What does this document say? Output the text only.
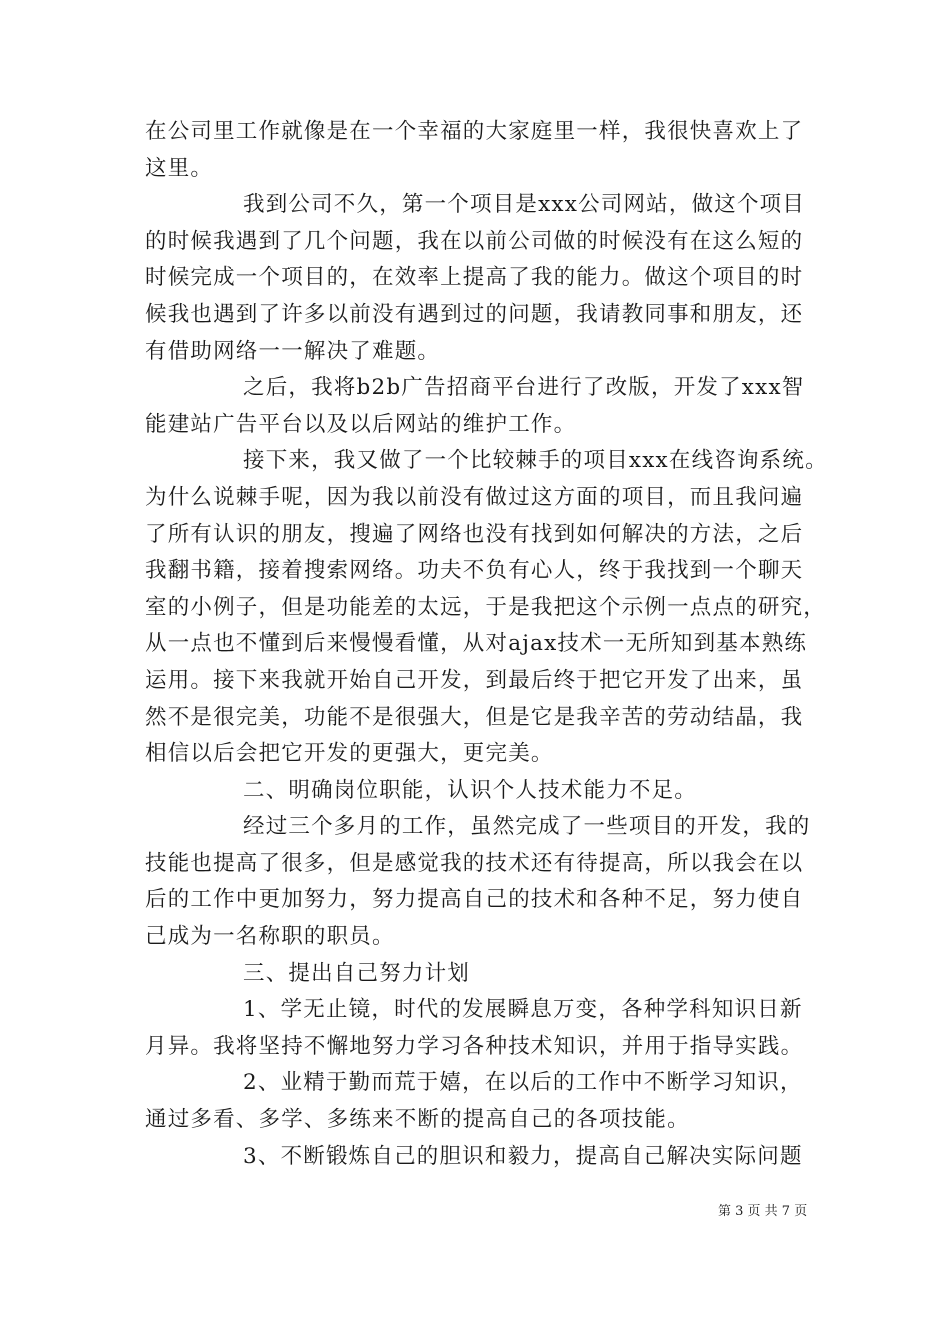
在公司里工作就像是在一个幸福的大家庭里一样，我很快喜欢上了
这里。
我到公司不久，第一个项目是xxx公司网站，做这个项目
的时候我遇到了几个问题，我在以前公司做的时候没有在这么短的
时候完成一个项目的，在效率上提高了我的能力。做这个项目的时
候我也遇到了许多以前没有遇到过的问题，我请教同事和朋友，还
有借助网络一一解决了难题。
之后，我将b2b广告招商平台进行了改版，开发了xxx智
能建站广告平台以及以后网站的维护工作。
接下来，我又做了一个比较棘手的项目xxx在线咨询系统。
为什么说棘手呢，因为我以前没有做过这方面的项目，而且我问遍
了所有认识的朋友，搜遍了网络也没有找到如何解决的方法，之后
我翻书籍，接着搜索网络。功夫不负有心人，终于我找到一个聊天
室的小例子，但是功能差的太远，于是我把这个示例一点点的研究，
从一点也不懂到后来慢慢看懂，从对ajax技术一无所知到基本熟练
运用。接下来我就开始自己开发，到最后终于把它开发了出来，虽
然不是很完美，功能不是很强大，但是它是我辛苦的劳动结晶，我
相信以后会把它开发的更强大，更完美。
二、明确岗位职能，认识个人技术能力不足。
经过三个多月的工作，虽然完成了一些项目的开发，我的
技能也提高了很多，但是感觉我的技术还有待提高，所以我会在以
后的工作中更加努力，努力提高自己的技术和各种不足，努力使自
己成为一名称职的职员。
三、提出自己努力计划
1、学无止镜，时代的发展瞬息万变，各种学科知识日新
月异。我将坚持不懈地努力学习各种技术知识，并用于指导实践。
2、业精于勤而荒于嬉，在以后的工作中不断学习知识，
通过多看、多学、多练来不断的提高自己的各项技能。
3、不断锻炼自己的胆识和毅力，提高自己解决实际问题
第 3 页 共 7 页
